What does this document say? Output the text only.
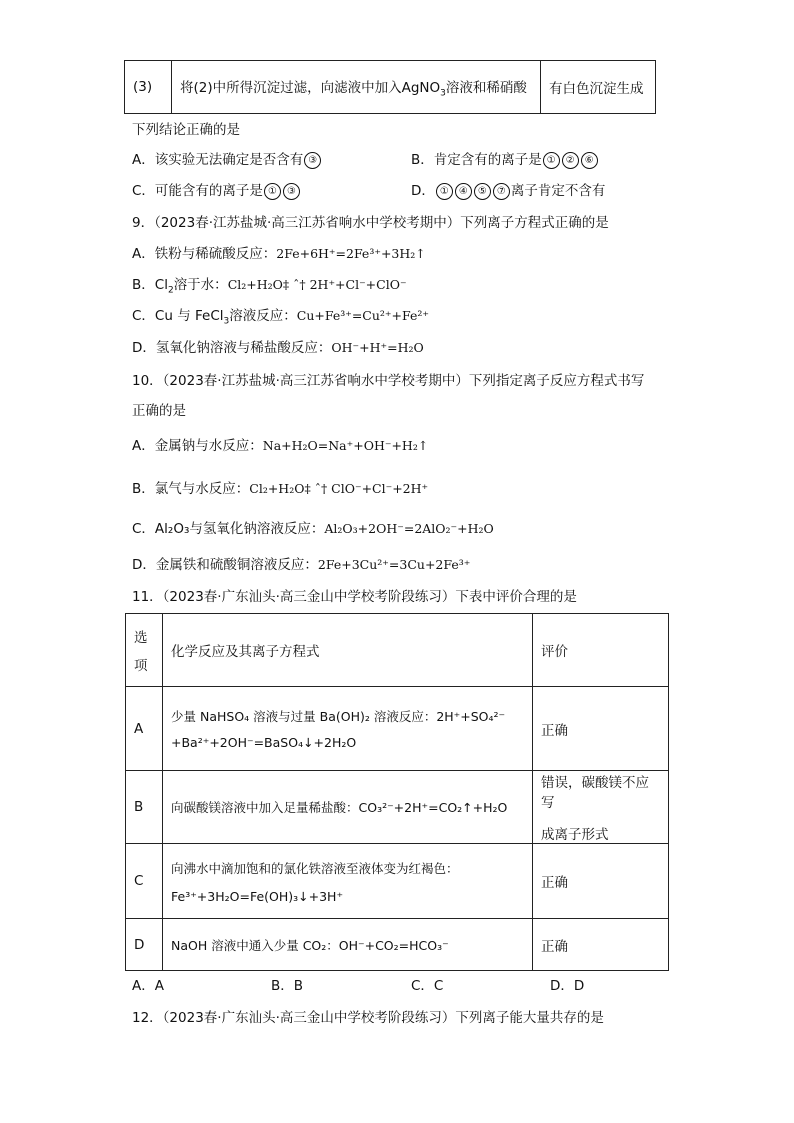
(3)	将(2)中所得沉淀过滤，向滤液中加入AgNO$_3$溶液和稀硝酸	有白色沉淀生成
下列结论正确的是
A．该实验无法确定是否含有 ③	B．肯定含有的离子是 ① ② ⑥
C．可能含有的离子是 ① ③	D． ① ④ ⑤ ⑦ 离子肯定不含有
9．（2023春·江苏盐城·高三江苏省响水中学校考期中）下列离子方程式正确的是
A．铁粉与稀硫酸反应：2Fe+6H⁺=2Fe³⁺+3H₂↑
B．$Cl_2$溶于水：Cl₂+H₂O‡ ˆ† 2H⁺+Cl⁻+ClO⁻
C．Cu 与 FeCl$_3$溶液反应：Cu+Fe³⁺=Cu²⁺+Fe²⁺
D．氢氧化钠溶液与稀盐酸反应：OH⁻+H⁺=H₂O
10．（2023春·江苏盐城·高三江苏省响水中学校考期中）下列指定离子反应方程式书写
正确的是
A．金属钠与水反应：Na+H₂O=Na⁺+OH⁻+H₂↑
B．氯气与水反应：Cl₂+H₂O‡ ˆ† ClO⁻+Cl⁻+2H⁺
C．Al₂O₃与氢氧化钠溶液反应：Al₂O₃+2OH⁻=2AlO₂⁻+H₂O
D．金属铁和硫酸铜溶液反应：2Fe+3Cu²⁺=3Cu+2Fe³⁺
11．（2023春·广东汕头·高三金山中学校考阶段练习）下表中评价合理的是
选
项	化学反应及其离子方程式	评价
A	少量 NaHSO₄ 溶液与过量 Ba(OH)₂ 溶液反应：2H⁺+SO₄²⁻
+Ba²⁺+2OH⁻=BaSO₄↓+2H₂O	正确
B	向碳酸镁溶液中加入足量稀盐酸：CO₃²⁻+2H⁺=CO₂↑+H₂O	错误，碳酸镁不应写
成离子形式

C	向沸水中滴加饱和的氯化铁溶液至液体变为红褐色：
Fe³⁺+3H₂O=Fe(OH)₃↓+3H⁺	正确
D	NaOH 溶液中通入少量 CO₂：OH⁻+CO₂=HCO₃⁻	正确
A．A	B．B	C．C	D．D
12．（2023春·广东汕头·高三金山中学校考阶段练习）下列离子能大量共存的是
